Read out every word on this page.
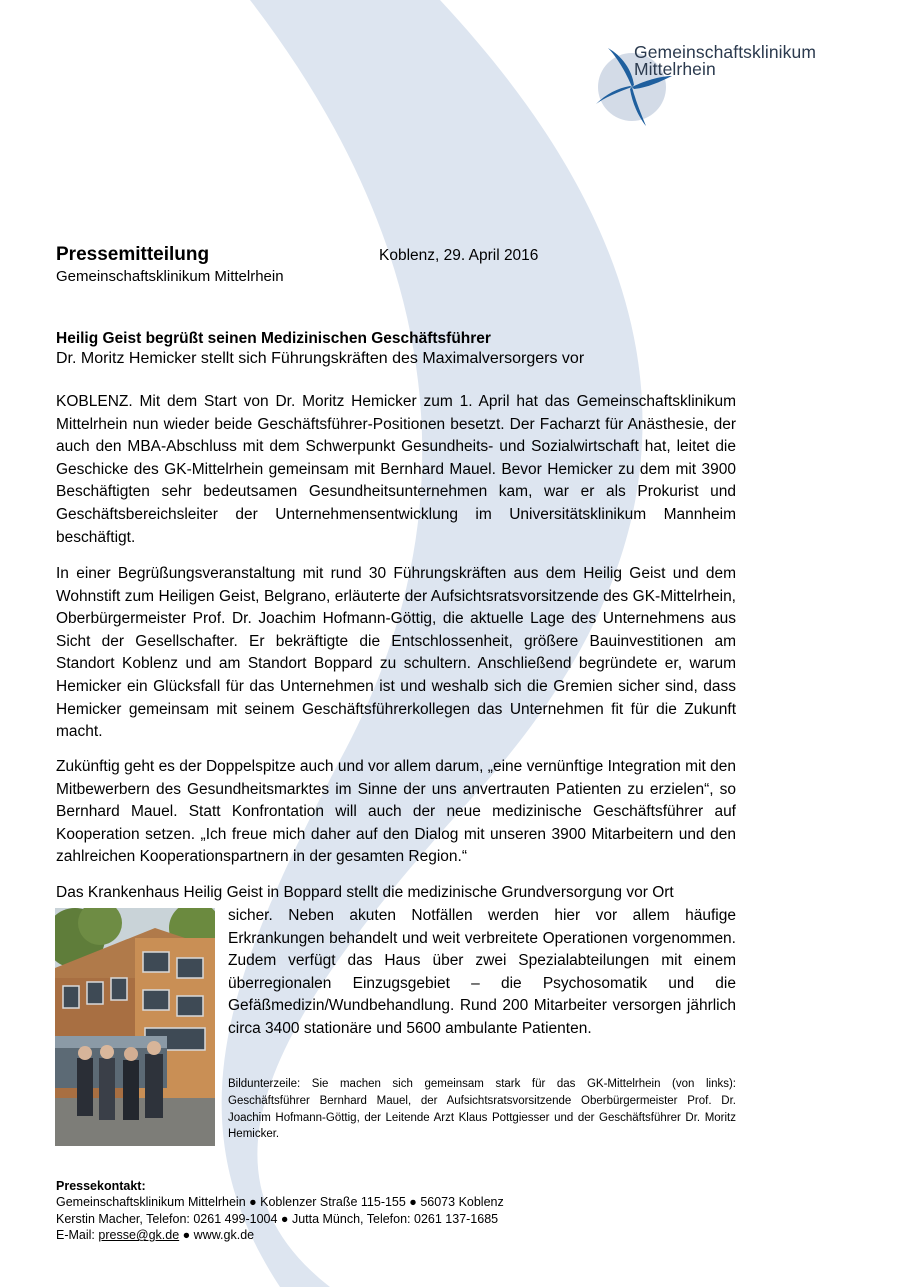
Gemeinschaftsklinikum
Mittelrhein
Pressemitteilung
Gemeinschaftsklinikum Mittelrhein
Koblenz, 29. April 2016
Heilig Geist begrüßt seinen Medizinischen Geschäftsführer
Dr. Moritz Hemicker stellt sich Führungskräften des Maximalversorgers vor

KOBLENZ. Mit dem Start von Dr. Moritz Hemicker zum 1. April hat das Gemeinschaftsklinikum Mittelrhein nun wieder beide Geschäftsführer-Positionen besetzt. Der Facharzt für Anästhesie, der auch den MBA-Abschluss mit dem Schwerpunkt Gesundheits- und Sozialwirtschaft hat, leitet die Geschicke des GK-Mittelrhein gemeinsam mit Bernhard Mauel. Bevor Hemicker zu dem mit 3900 Beschäftigten sehr bedeutsamen Gesundheitsunternehmen kam, war er als Prokurist und Geschäftsbereichsleiter der Unternehmensentwicklung im Universitätsklinikum Mannheim beschäftigt.

In einer Begrüßungsveranstaltung mit rund 30 Führungskräften aus dem Heilig Geist und dem Wohnstift zum Heiligen Geist, Belgrano, erläuterte der Aufsichtsratsvorsitzende des GK-Mittelrhein, Oberbürgermeister Prof. Dr. Joachim Hofmann-Göttig, die aktuelle Lage des Unternehmens aus Sicht der Gesellschafter. Er bekräftigte die Entschlossenheit, größere Bauinvestitionen am Standort Koblenz und am Standort Boppard zu schultern. Anschließend begründete er, warum Hemicker ein Glücksfall für das Unternehmen ist und weshalb sich die Gremien sicher sind, dass Hemicker gemeinsam mit seinem Geschäftsführerkollegen das Unternehmen fit für die Zukunft macht.

Zukünftig geht es der Doppelspitze auch und vor allem darum, „eine vernünftige Integration mit den Mitbewerbern des Gesundheitsmarktes im Sinne der uns anvertrauten Patienten zu erzielen“, so Bernhard Mauel. Statt Konfrontation will auch der neue medizinische Geschäftsführer auf Kooperation setzen. „Ich freue mich daher auf den Dialog mit unseren 3900 Mitarbeitern und den zahlreichen Kooperationspartnern in der gesamten Region.“

Das Krankenhaus Heilig Geist in Boppard stellt die medizinische Grundversorgung vor Ort

sicher. Neben akuten Notfällen werden hier vor allem häufige Erkrankungen behandelt und weit verbreitete Operationen vorgenommen. Zudem verfügt das Haus über zwei Spezialabteilungen mit einem überregionalen Einzugsgebiet – die Psychosomatik und die Gefäßmedizin/Wundbehandlung. Rund 200 Mitarbeiter versorgen jährlich circa 3400 stationäre und 5600 ambulante Patienten.

Bildunterzeile: Sie machen sich gemeinsam stark für das GK-Mittelrhein (von links): Geschäftsführer Bernhard Mauel, der Aufsichtsratsvorsitzende Oberbürgermeister Prof. Dr. Joachim Hofmann-Göttig, der Leitende Arzt Klaus Pottgiesser und der Geschäftsführer Dr. Moritz Hemicker.

Pressekontakt:
Gemeinschaftsklinikum Mittelrhein ● Koblenzer Straße 115-155 ● 56073 Koblenz
Kerstin Macher, Telefon: 0261 499-1004 ● Jutta Münch, Telefon: 0261 137-1685
E-Mail: presse@gk.de ● www.gk.de
